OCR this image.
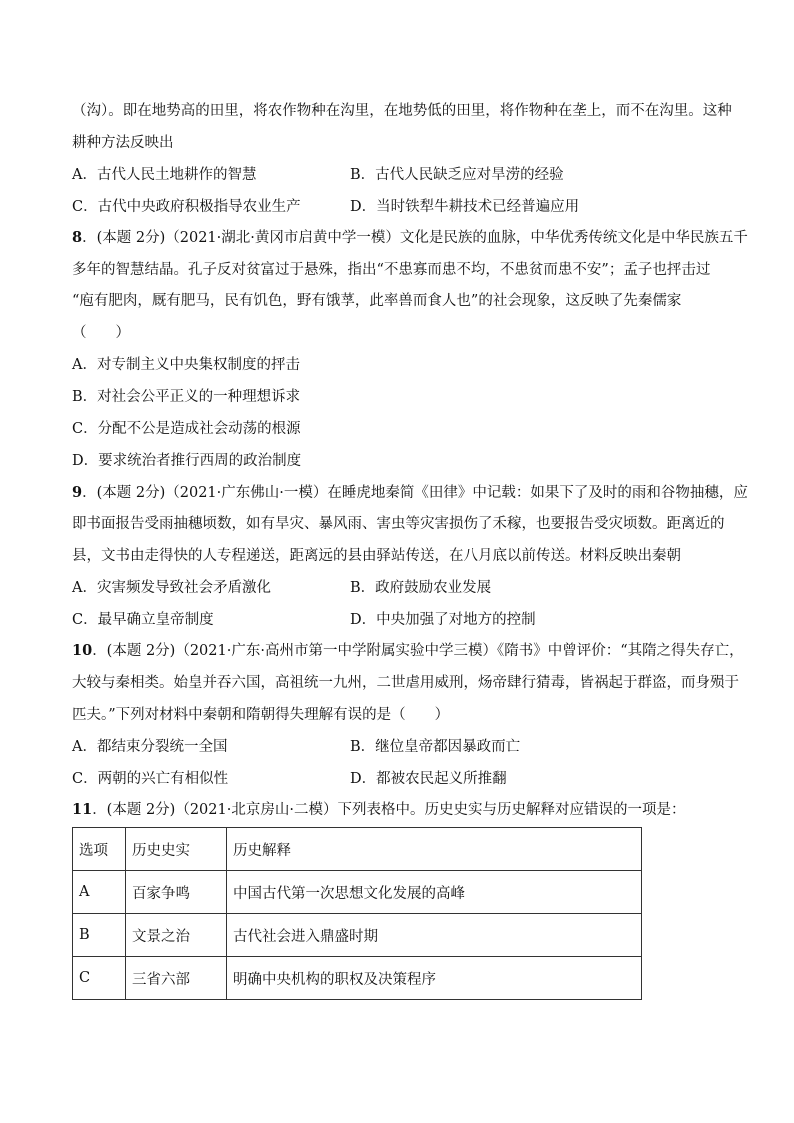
（沟）。即在地势高的田里，将农作物种在沟里，在地势低的田里，将作物种在垄上，而不在沟里。这种
耕种方法反映出
A．古代人民土地耕作的智慧	B．古代人民缺乏应对旱涝的经验
C．古代中央政府积极指导农业生产	D．当时铁犁牛耕技术已经普遍应用
8．(本题 2分)（2021·湖北·黄冈市启黄中学一模）文化是民族的血脉，中华优秀传统文化是中华民族五千
多年的智慧结晶。孔子反对贫富过于悬殊，指出“不患寡而患不均，不患贫而患不安”；孟子也抨击过
“庖有肥肉，厩有肥马，民有饥色，野有饿莩，此率兽而食人也”的社会现象，这反映了先秦儒家
（　　）
A．对专制主义中央集权制度的抨击
B．对社会公平正义的一种理想诉求
C．分配不公是造成社会动荡的根源
D．要求统治者推行西周的政治制度
9．(本题 2分)（2021·广东佛山·一模）在睡虎地秦简《田律》中记载：如果下了及时的雨和谷物抽穗，应
即书面报告受雨抽穗顷数，如有旱灾、暴风雨、害虫等灾害损伤了禾稼，也要报告受灾顷数。距离近的
县，文书由走得快的人专程递送，距离远的县由驿站传送，在八月底以前传送。材料反映出秦朝
A．灾害频发导致社会矛盾激化	B．政府鼓励农业发展
C．最早确立皇帝制度	D．中央加强了对地方的控制
10．(本题 2分)（2021·广东·高州市第一中学附属实验中学三模）《隋书》中曾评价：“其隋之得失存亡，
大较与秦相类。始皇并吞六国，高祖统一九州，二世虐用威刑，炀帝肆行猜毒，皆祸起于群盗，而身殒于
匹夫。”下列对材料中秦朝和隋朝得失理解有误的是（　　）
A．都结束分裂统一全国	B．继位皇帝都因暴政而亡
C．两朝的兴亡有相似性	D．都被农民起义所推翻
11．(本题 2分)（2021·北京房山·二模）下列表格中。历史史实与历史解释对应错误的一项是：
选项	历史史实	历史解释
A	百家争鸣	中国古代第一次思想文化发展的高峰
B	文景之治	古代社会进入鼎盛时期
C	三省六部	明确中央机构的职权及决策程序
